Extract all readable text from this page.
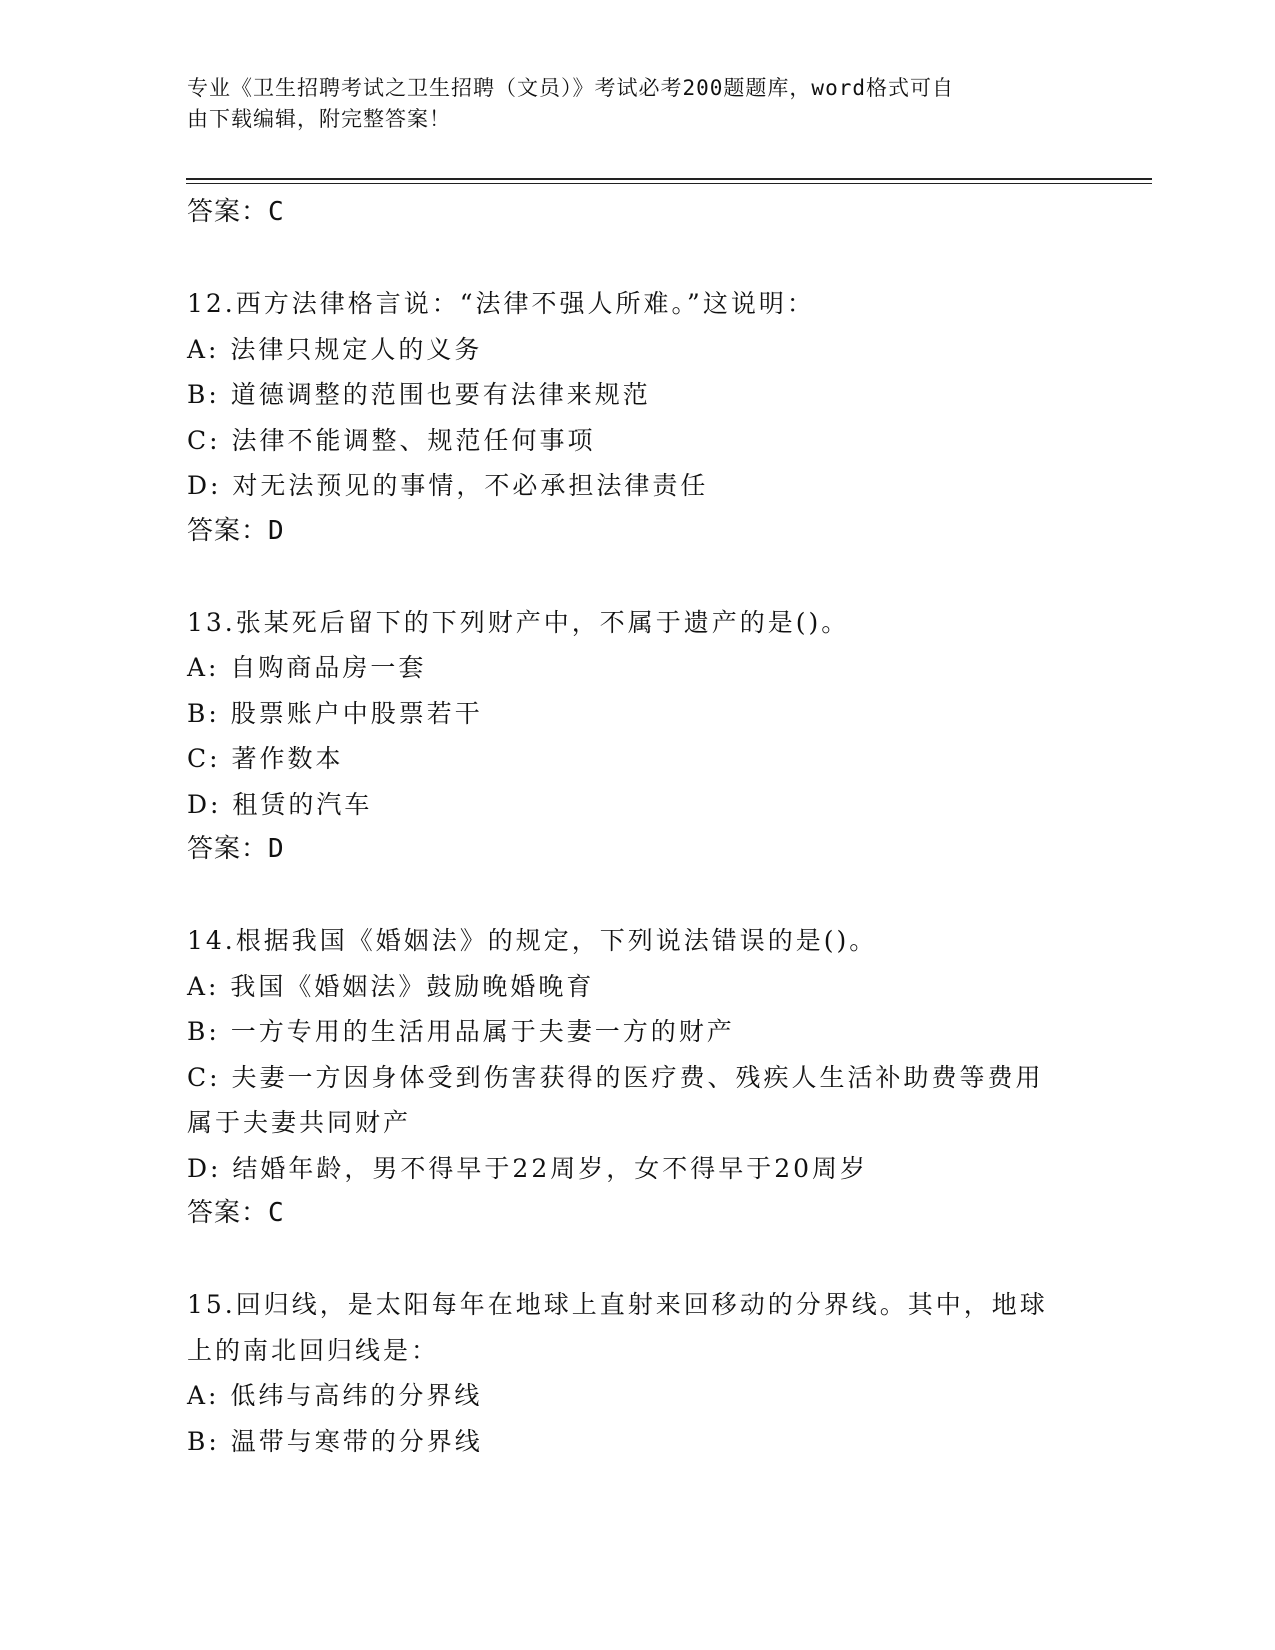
专业《卫生招聘考试之卫生招聘（文员）》考试必考200题题库，word格式可自
由下载编辑，附完整答案！
答案：C
12.西方法律格言说：“法律不强人所难。”这说明：
A: 法律只规定人的义务
B: 道德调整的范围也要有法律来规范
C: 法律不能调整、规范任何事项
D: 对无法预见的事情，不必承担法律责任
答案：D
13.张某死后留下的下列财产中，不属于遗产的是()。
A: 自购商品房一套
B: 股票账户中股票若干
C: 著作数本
D: 租赁的汽车
答案：D
14.根据我国《婚姻法》的规定，下列说法错误的是()。
A: 我国《婚姻法》鼓励晚婚晚育
B: 一方专用的生活用品属于夫妻一方的财产
C: 夫妻一方因身体受到伤害获得的医疗费、残疾人生活补助费等费用
属于夫妻共同财产
D: 结婚年龄，男不得早于22周岁，女不得早于20周岁
答案：C
15.回归线，是太阳每年在地球上直射来回移动的分界线。其中，地球
上的南北回归线是：
A: 低纬与高纬的分界线
B: 温带与寒带的分界线
